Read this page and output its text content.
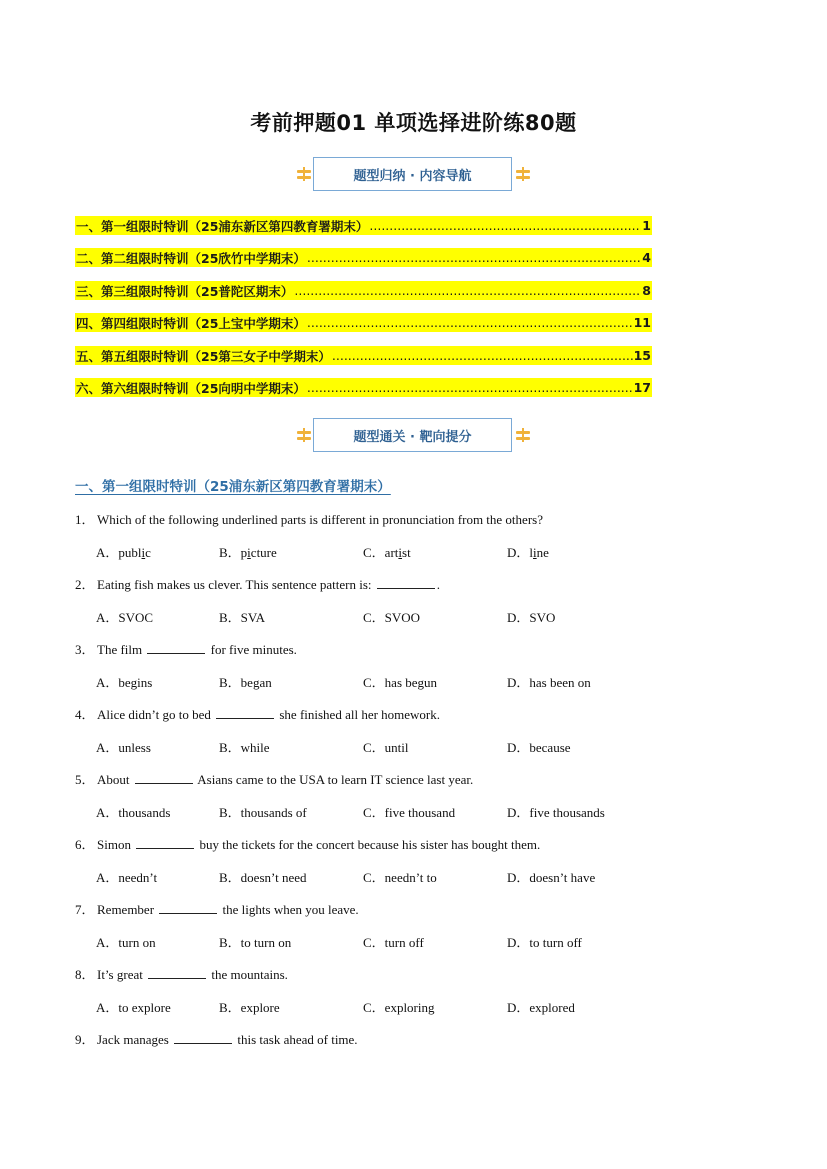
考前押题01 单项选择进阶练80题
题型归纳 · 内容导航
一、第一组限时特训（25浦东新区第四教育署期末） .....	1
二、第二组限时特训（25欣竹中学期末） .....	4
三、第三组限时特训（25普陀区期末） .....	8
四、第四组限时特训（25上宝中学期末） .....	11
五、第五组限时特训（25第三女子中学期末） .....	15
六、第六组限时特训（25向明中学期末） .....	17
题型通关 · 靶向提分
一、第一组限时特训（25浦东新区第四教育署期末）
1． Which of the following underlined parts is different in pronunciation from the others?
A．public	B．picture	C．artist	D．line
2． Eating fish makes us clever. This sentence pattern is:	.
A．SVOC	B．SVA	C．SVOO	D．SVO
3． The film	for five minutes.
A．begins	B．began	C．has begun	D．has been on
4． Alice didn’t go to bed	she finished all her homework.
A．unless	B．while	C．until	D．because
5． About	Asians came to the USA to learn IT science last year.
A．thousands	B．thousands of	C．five thousand	D．five thousands
6． Simon	buy the tickets for the concert because his sister has bought them.
A．needn’t	B．doesn’t need	C．needn’t to	D．doesn’t have
7． Remember	the lights when you leave.
A．turn on	B．to turn on	C．turn off	D．to turn off
8． It’s great	the mountains.
A．to explore	B．explore	C．exploring	D．explored
9． Jack manages	this task ahead of time.
